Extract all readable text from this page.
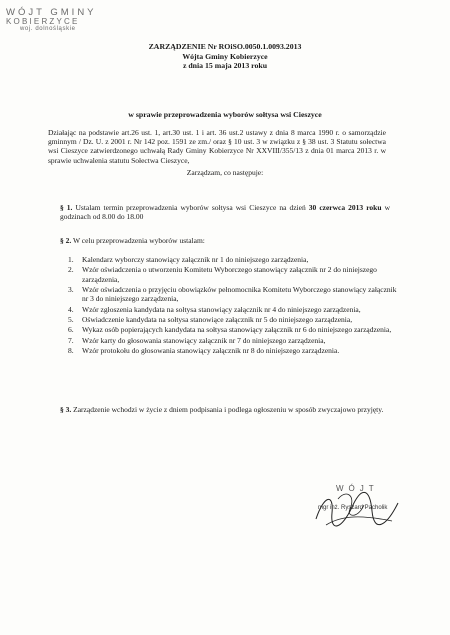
WÓJT GMINY
KOBIERZYCE
woj. dolnośląskie
ZARZĄDZENIE Nr ROiSO.0050.1.0093.2013
Wójta Gminy Kobierzyce
z dnia 15 maja 2013 roku
w sprawie przeprowadzenia wyborów sołtysa wsi Cieszyce
Działając na podstawie art.26 ust. 1, art.30 ust. 1 i art. 36 ust.2 ustawy z dnia 8 marca 1990 r. o samorządzie gminnym / Dz. U. z 2001 r. Nr 142 poz. 1591 ze zm./ oraz § 10 ust. 3 w związku z § 38 ust. 3 Statutu sołectwa wsi Cieszyce zatwierdzonego uchwałą Rady Gminy Kobierzyce Nr XXVIII/355/13 z dnia 01 marca 2013 r. w sprawie uchwalenia statutu Sołectwa Cieszyce,
Zarządzam, co następuje:
§ 1. Ustalam termin przeprowadzenia wyborów sołtysa wsi Cieszyce na dzień 30 czerwca 2013 roku w godzinach od 8.00 do 18.00
§ 2. W celu przeprowadzenia wyborów ustalam:
1. Kalendarz wyborczy stanowiący załącznik nr 1 do niniejszego zarządzenia,
2. Wzór oświadczenia o utworzeniu Komitetu Wyborczego stanowiący załącznik nr 2 do niniejszego zarządzenia,
3. Wzór oświadczenia o przyjęciu obowiązków pełnomocnika Komitetu Wyborczego stanowiący załącznik nr 3 do niniejszego zarządzenia,
4. Wzór zgłoszenia kandydata na sołtysa stanowiący załącznik nr 4 do niniejszego zarządzenia,
5. Oświadczenie kandydata na sołtysa stanowiące załącznik nr 5 do niniejszego zarządzenia,
6. Wykaz osób popierających kandydata na sołtysa stanowiący załącznik nr 6 do niniejszego zarządzenia,
7. Wzór karty do głosowania stanowiący załącznik nr 7 do niniejszego zarządzenia,
8. Wzór protokołu do głosowania stanowiący załącznik nr 8 do niniejszego zarządzenia.
§ 3. Zarządzenie wchodzi w życie z dniem podpisania i podlega ogłoszeniu w sposób zwyczajowo przyjęty.
WÓJT
mgr inż. Ryszard Pacholik
